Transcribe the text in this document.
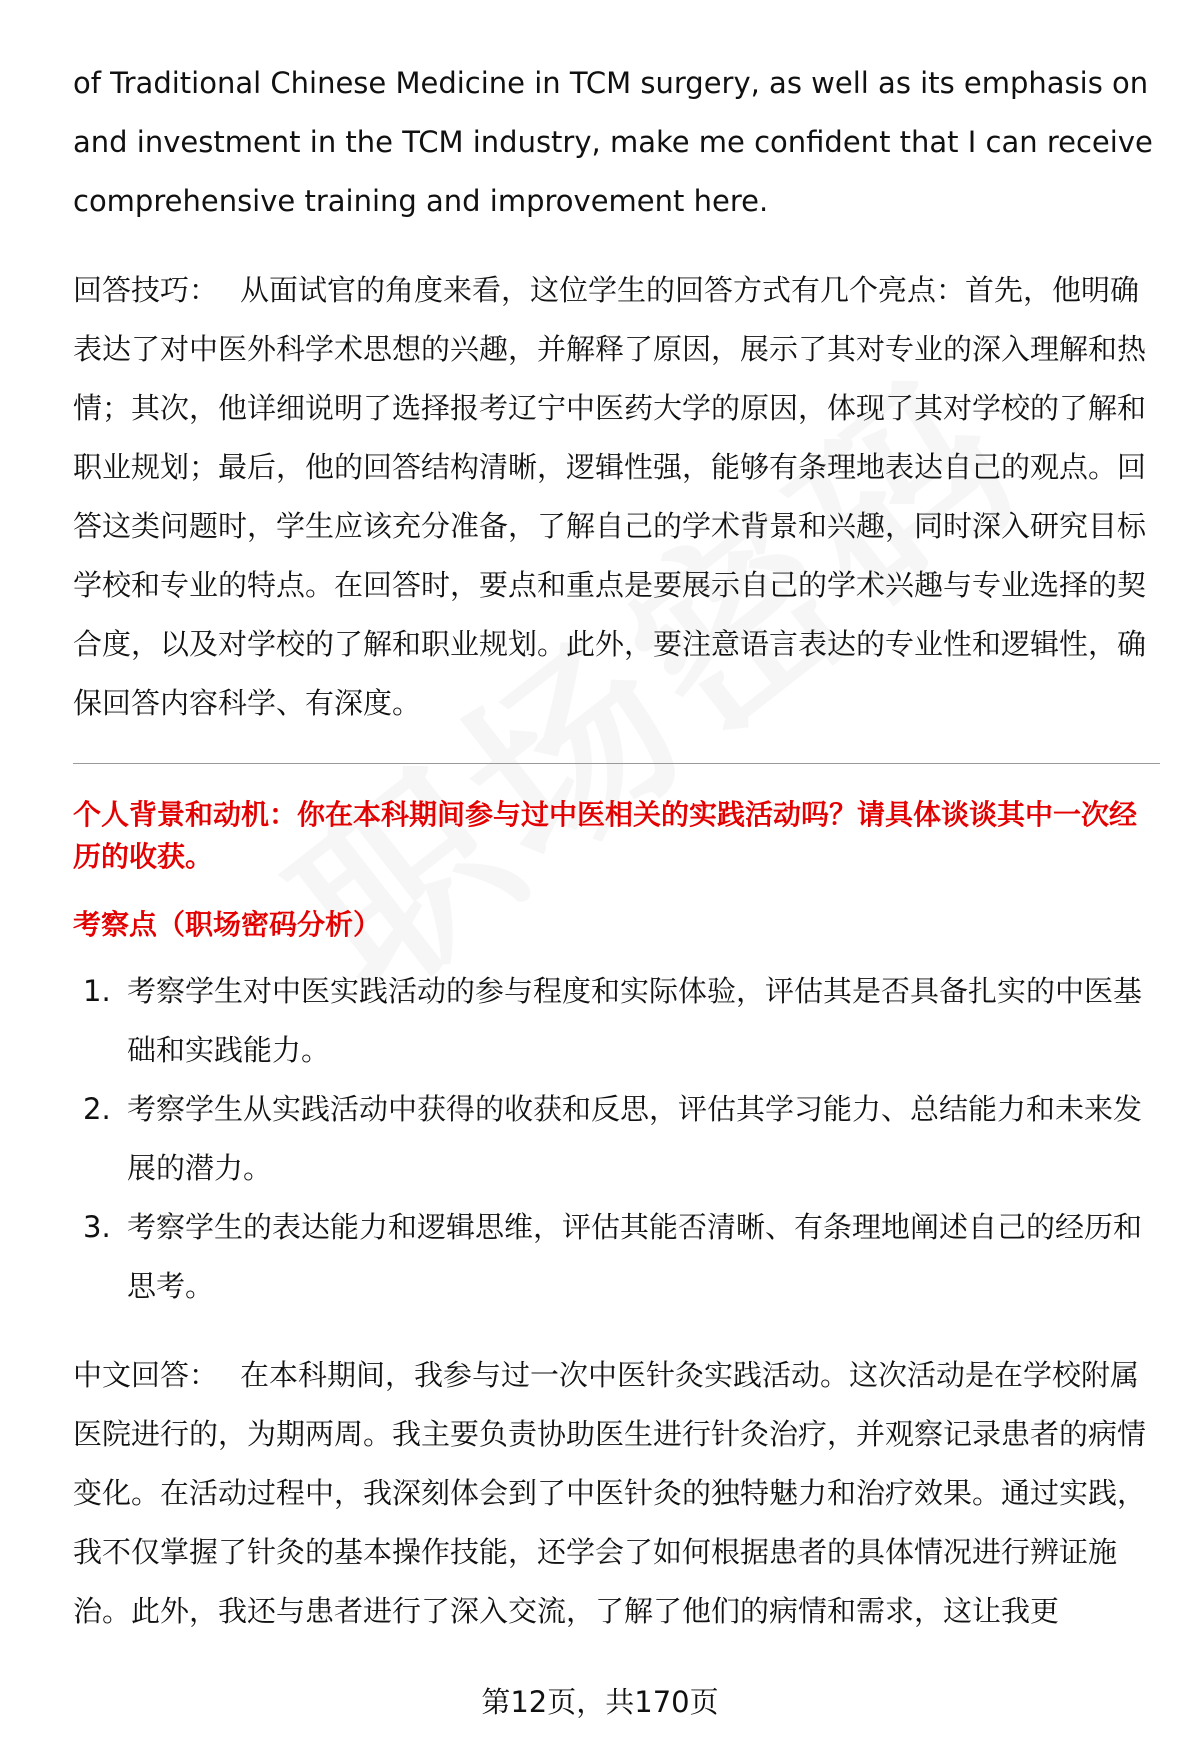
of Traditional Chinese Medicine in TCM surgery, as well as its emphasis on and investment in the TCM industry, make me confident that I can receive comprehensive training and improvement here.

回答技巧： 从面试官的角度来看，这位学生的回答方式有几个亮点：首先，他明确表达了对中医外科学术思想的兴趣，并解释了原因，展示了其对专业的深入理解和热情；其次，他详细说明了选择报考辽宁中医药大学的原因，体现了其对学校的了解和职业规划；最后，他的回答结构清晰，逻辑性强，能够有条理地表达自己的观点。回答这类问题时，学生应该充分准备，了解自己的学术背景和兴趣，同时深入研究目标学校和专业的特点。在回答时，要点和重点是要展示自己的学术兴趣与专业选择的契合度，以及对学校的了解和职业规划。此外，要注意语言表达的专业性和逻辑性，确保回答内容科学、有深度。

个人背景和动机：你在本科期间参与过中医相关的实践活动吗？请具体谈谈其中一次经历的收获。

考察点（职场密码分析）

1. 考察学生对中医实践活动的参与程度和实际体验，评估其是否具备扎实的中医基础和实践能力。
2. 考察学生从实践活动中获得的收获和反思，评估其学习能力、总结能力和未来发展的潜力。
3. 考察学生的表达能力和逻辑思维，评估其能否清晰、有条理地阐述自己的经历和思考。

中文回答： 在本科期间，我参与过一次中医针灸实践活动。这次活动是在学校附属医院进行的，为期两周。我主要负责协助医生进行针灸治疗，并观察记录患者的病情变化。在活动过程中，我深刻体会到了中医针灸的独特魅力和治疗效果。通过实践，我不仅掌握了针灸的基本操作技能，还学会了如何根据患者的具体情况进行辨证施治。此外，我还与患者进行了深入交流，了解了他们的病情和需求，这让我更

第12页，共170页
